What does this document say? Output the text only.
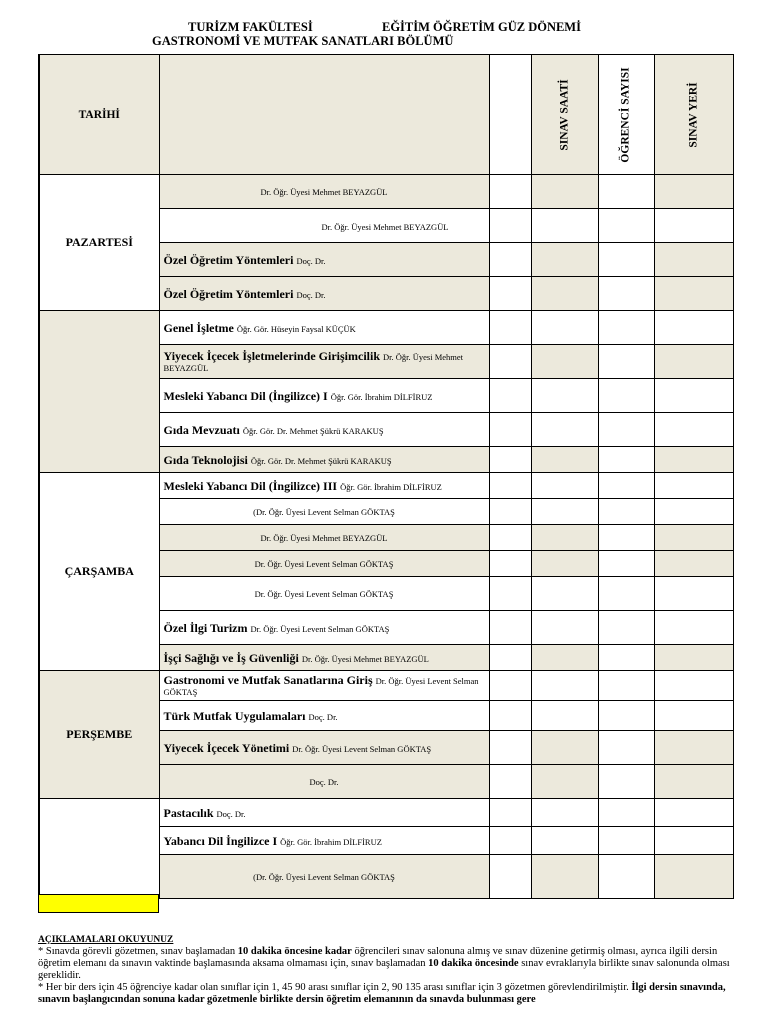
TURİZM FAKÜLTESİ	EĞİTİM ÖĞRETİM GÜZ DÖNEMİ
GASTRONOMİ VE MUTFAK SANATLARI BÖLÜMÜ
TARİHİ			SINAV SAATİ	ÖĞRENCİ SAYISI	SINAV YERİ

PAZARTESİ	Dr. Öğr. Üyesi Mehmet BEYAZGÜL				

	Dr. Öğr. Üyesi Mehmet BEYAZGÜL				
	Özel Öğretim Yöntemleri Doç. Dr.				
	Özel Öğretim Yöntemleri Doç. Dr.				
	Genel İşletme Öğr. Gör. Hüseyin Faysal KÜÇÜK				
	Yiyecek İçecek İşletmelerinde Girişimcilik Dr. Öğr. Üyesi Mehmet BEYAZGÜL				
	Mesleki Yabancı Dil (İngilizce) I Öğr. Gör. İbrahim DİLFİRUZ				
	Gıda Mevzuatı Öğr. Gör. Dr. Mehmet Şükrü KARAKUŞ				
	Gıda Teknolojisi Öğr. Gör. Dr. Mehmet Şükrü KARAKUŞ				
ÇARŞAMBA	Mesleki Yabancı Dil (İngilizce) III Öğr. Gör. İbrahim DİLFİRUZ				

	(Dr. Öğr. Üyesi Levent Selman GÖKTAŞ				

	Dr. Öğr. Üyesi Mehmet BEYAZGÜL				

	Dr. Öğr. Üyesi Levent Selman GÖKTAŞ				

	Dr. Öğr. Üyesi Levent Selman GÖKTAŞ				

	Özel İlgi Turizm Dr. Öğr. Üyesi Levent Selman GÖKTAŞ				
	İşçi Sağlığı ve İş Güvenliği Dr. Öğr. Üyesi Mehmet BEYAZGÜL				
PERŞEMBE	Gastronomi ve Mutfak Sanatlarına Giriş Dr. Öğr. Üyesi Levent Selman GÖKTAŞ				
	Türk Mutfak Uygulamaları Doç. Dr.				
	Yiyecek İçecek Yönetimi Dr. Öğr. Üyesi Levent Selman GÖKTAŞ				

	Doç. Dr.				

	Pastacılık Doç. Dr.				
	Yabancı Dil İngilizce I Öğr. Gör. İbrahim DİLFİRUZ				

	(Dr. Öğr. Üyesi Levent Selman GÖKTAŞ				

AÇIKLAMALARI OKUYUNUZ
* Sınavda görevli gözetmen, sınav başlamadan 10 dakika öncesine kadar öğrencileri sınav salonuna almış ve sınav düzenine getirmiş olması, ayrıca ilgili dersin öğretim elemanı da sınavın vaktinde başlamasında aksama olmaması için, sınav başlamadan 10 dakika öncesinde sınav evraklarıyla birlikte sınav salonunda olması gereklidir.
* Her bir ders için 45 öğrenciye kadar olan sınıflar için 1, 45 90 arası sınıflar için 2, 90 135 arası sınıflar için 3 gözetmen görevlendirilmiştir. İlgi dersin sınavında, sınavın başlangıcından sonuna kadar gözetmenle birlikte dersin öğretim elemanının da sınavda bulunması gere
